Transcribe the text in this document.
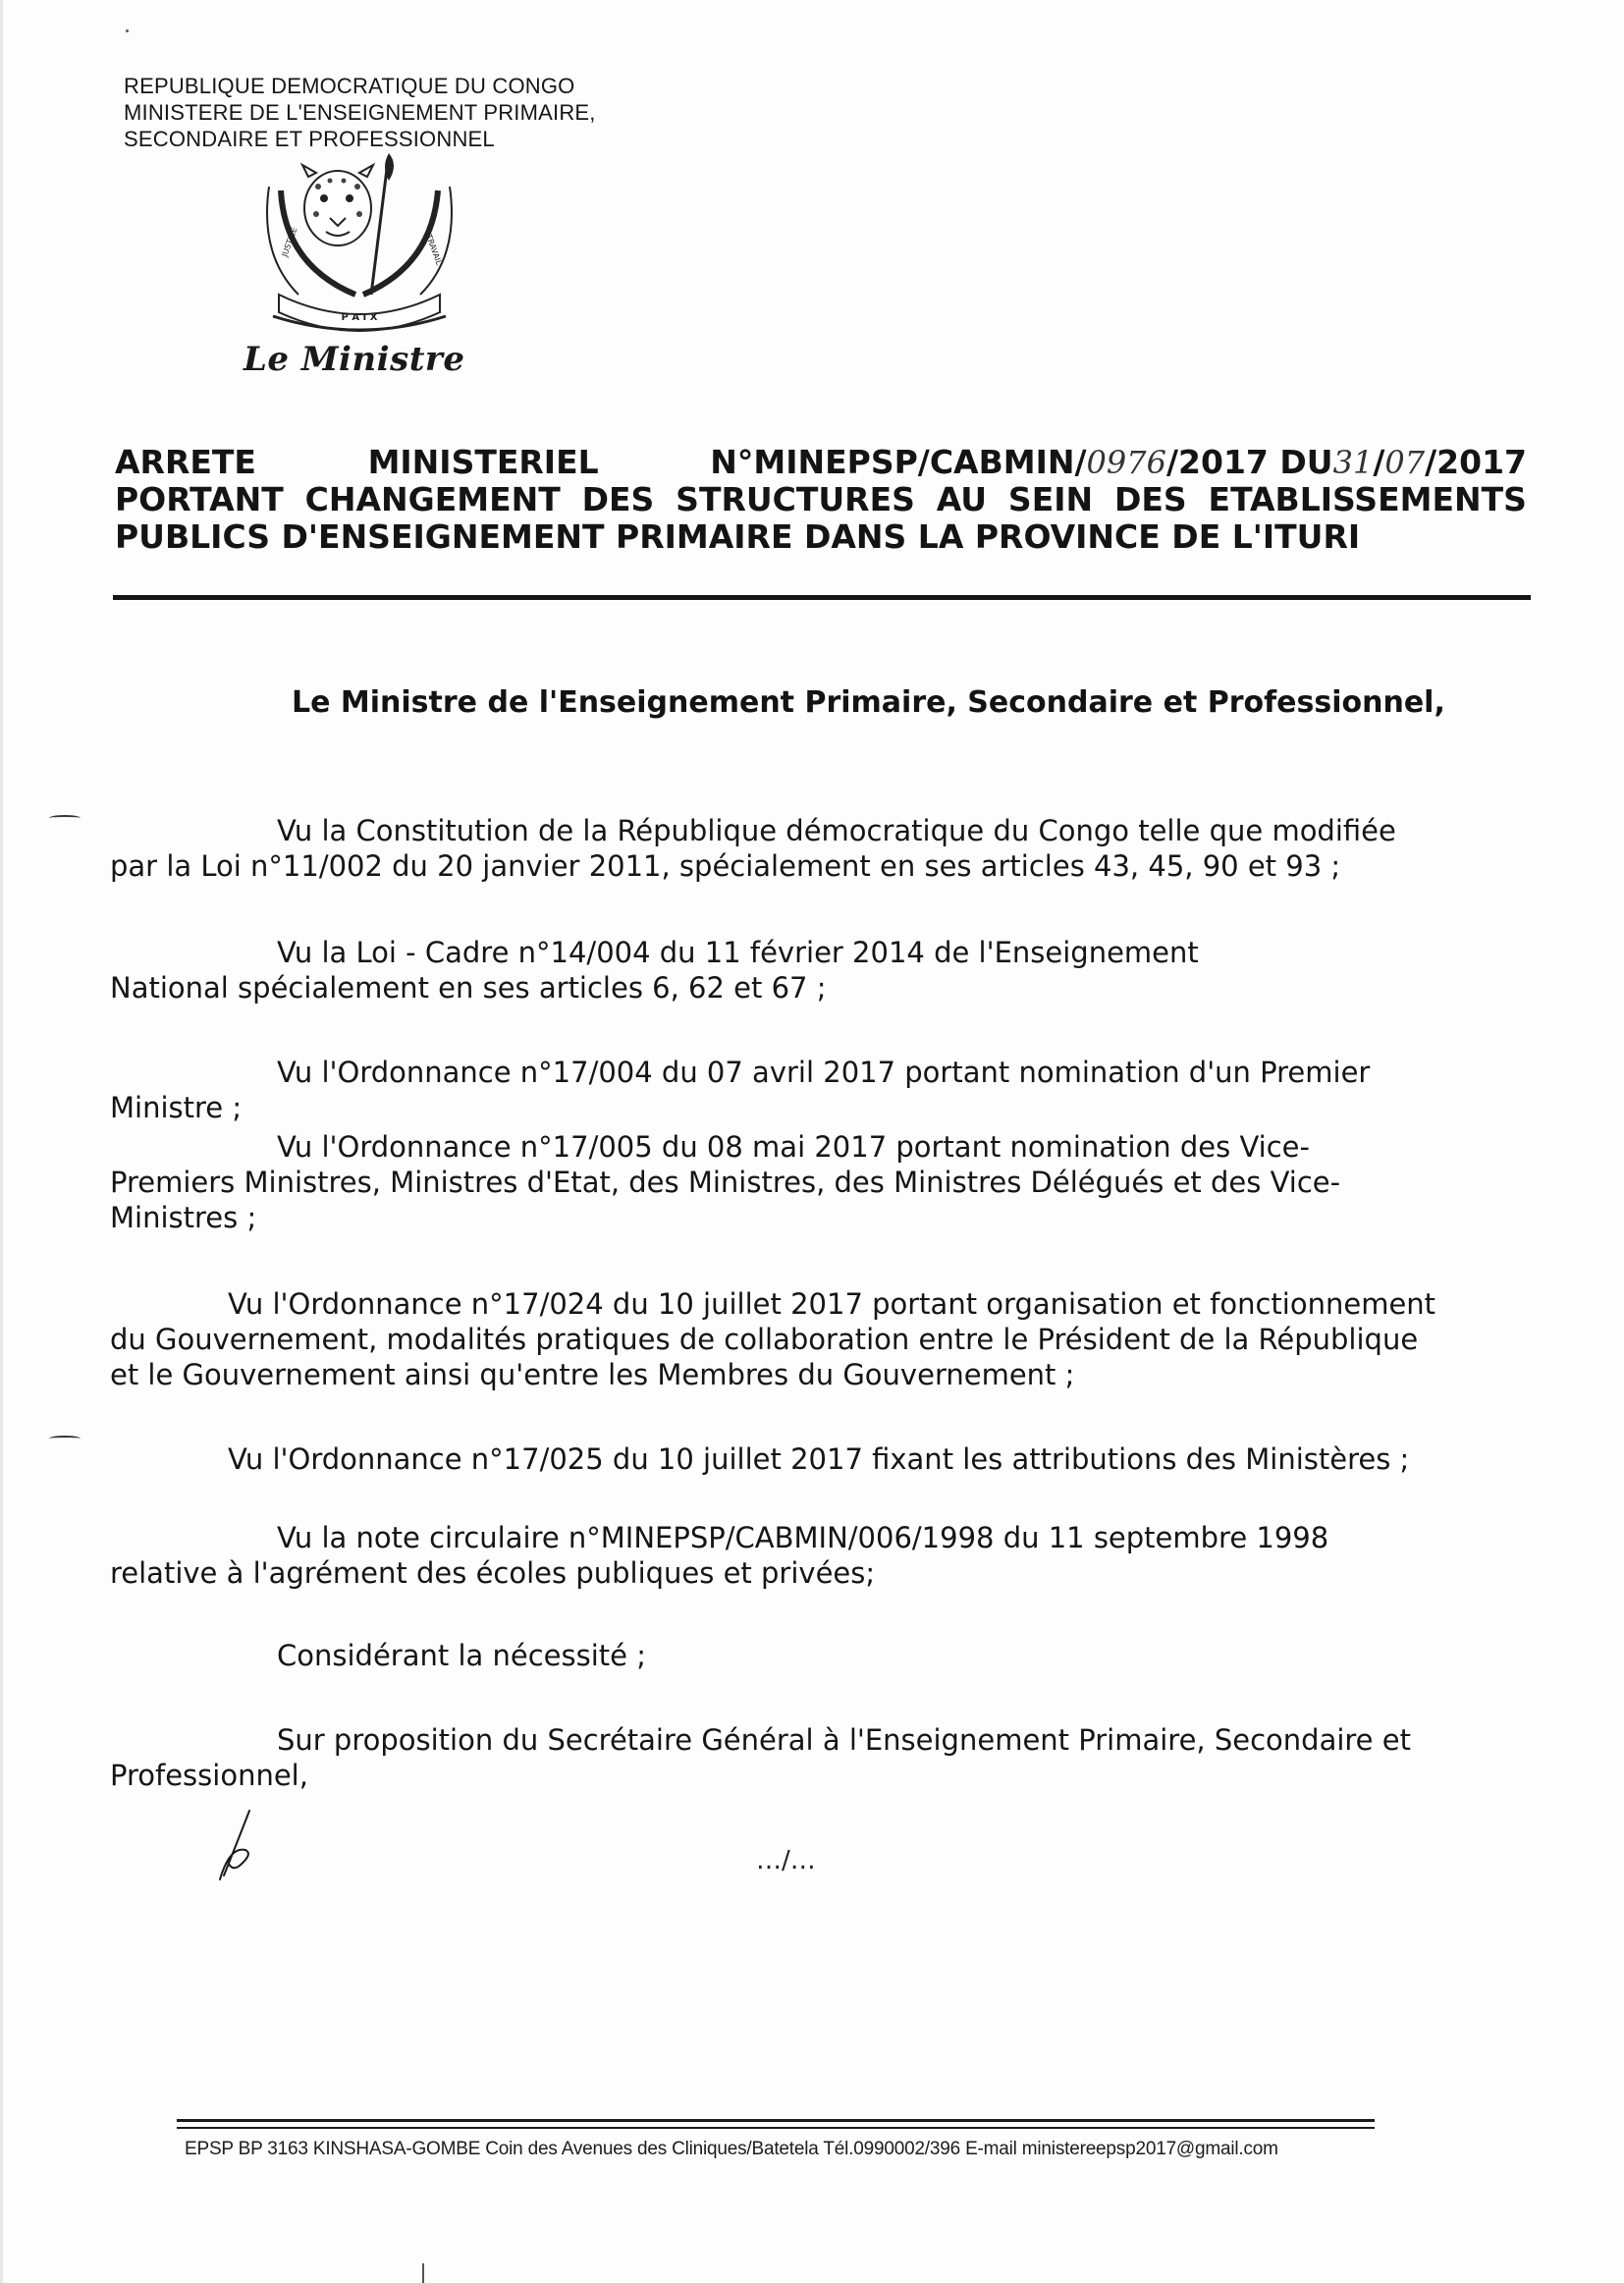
REPUBLIQUE DEMOCRATIQUE DU CONGO
MINISTERE DE L'ENSEIGNEMENT PRIMAIRE,
SECONDAIRE ET PROFESSIONNEL
P A I X
JUSTICE	TRAVAIL
Le Ministre
ARRETE	MINISTERIEL	N°MINEPSP/CABMIN/0976/2017 DU31/07/2017
PORTANT CHANGEMENT DES STRUCTURES AU SEIN DES ETABLISSEMENTS
PUBLICS D'ENSEIGNEMENT PRIMAIRE DANS LA PROVINCE DE L'ITURI
Le Ministre de l'Enseignement Primaire, Secondaire et Professionnel,
Vu la Constitution de la République démocratique du Congo telle que modifiée
par la Loi n°11/002 du 20 janvier 2011, spécialement en ses articles 43, 45, 90 et 93 ;
Vu la Loi - Cadre n°14/004 du 11 février 2014 de l'Enseignement
National spécialement en ses articles 6, 62 et 67 ;
Vu l'Ordonnance n°17/004 du 07 avril 2017 portant nomination d'un Premier
Ministre ;
Vu l'Ordonnance n°17/005 du 08 mai 2017 portant nomination des Vice-
Premiers Ministres, Ministres d'Etat, des Ministres, des Ministres Délégués et des Vice-
Ministres ;
Vu l'Ordonnance n°17/024 du 10 juillet 2017 portant organisation et fonctionnement
du Gouvernement, modalités pratiques de collaboration entre le Président de la République
et le Gouvernement ainsi qu'entre les Membres du Gouvernement ;
Vu l'Ordonnance n°17/025 du 10 juillet 2017 fixant les attributions des Ministères ;
Vu la note circulaire n°MINEPSP/CABMIN/006/1998 du 11 septembre 1998
relative à l'agrément des écoles publiques et privées;
Considérant la nécessité ;
Sur proposition du Secrétaire Général à l'Enseignement Primaire, Secondaire et
Professionnel,
…/…
EPSP BP 3163 KINSHASA-GOMBE Coin des Avenues des Cliniques/Batetela Tél.0990002/396 E-mail ministereepsp2017@gmail.com
